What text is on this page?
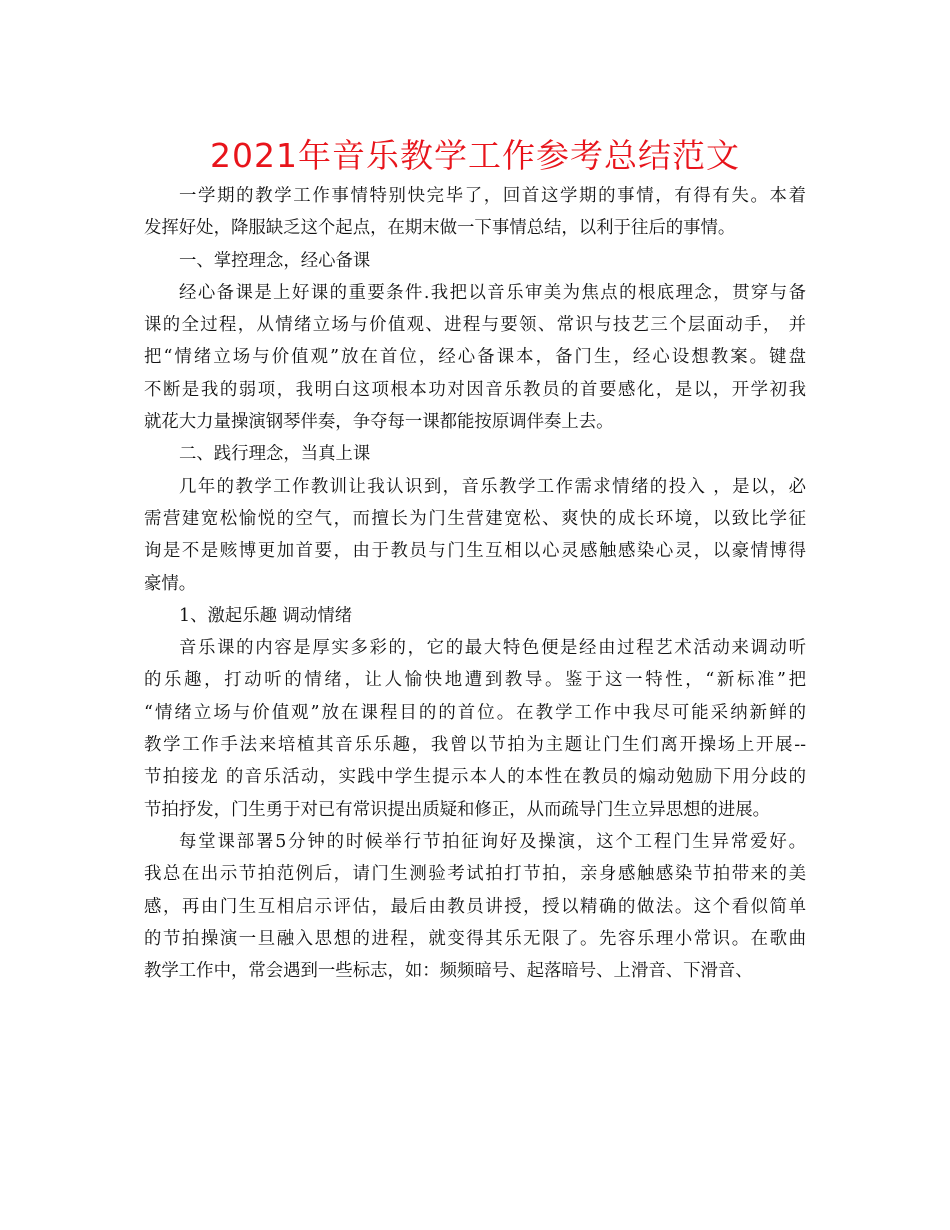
2021年音乐教学工作参考总结范文
一学期的教学工作事情特别快完毕了，回首这学期的事情，有得有失。本着
发挥好处，降服缺乏这个起点，在期末做一下事情总结，以利于往后的事情。
一、掌控理念，经心备课
经心备课是上好课的重要条件.我把以音乐审美为焦点的根底理念，贯穿与备
课的全过程，从情绪立场与价值观、进程与要领、常识与技艺三个层面动手， 并
把“情绪立场与价值观”放在首位，经心备课本，备门生，经心设想教案。键盘
不断是我的弱项，我明白这项根本功对因音乐教员的首要感化，是以，开学初我
就花大力量操演钢琴伴奏，争夺每一课都能按原调伴奏上去。
二、践行理念，当真上课
几年的教学工作教训让我认识到，音乐教学工作需求情绪的投入 ，是以，必
需营建宽松愉悦的空气，而擅长为门生营建宽松、爽快的成长环境，以致比学征
询是不是赅博更加首要，由于教员与门生互相以心灵感触感染心灵，以豪情博得
豪情。
1、激起乐趣 调动情绪
音乐课的内容是厚实多彩的，它的最大特色便是经由过程艺术活动来调动听
的乐趣，打动听的情绪，让人愉快地遭到教导。鉴于这一特性，“新标准”把
“情绪立场与价值观”放在课程目的的首位。在教学工作中我尽可能采纳新鲜的
教学工作手法来培植其音乐乐趣，我曾以节拍为主题让门生们离开操场上开展--
节拍接龙 的音乐活动，实践中学生提示本人的本性在教员的煽动勉励下用分歧的
节拍抒发，门生勇于对已有常识提出质疑和修正，从而疏导门生立异思想的进展。
每堂课部署5分钟的时候举行节拍征询好及操演，这个工程门生异常爱好。
我总在出示节拍范例后，请门生测验考试拍打节拍，亲身感触感染节拍带来的美
感，再由门生互相启示评估，最后由教员讲授，授以精确的做法。这个看似简单
的节拍操演一旦融入思想的进程，就变得其乐无限了。先容乐理小常识。在歌曲
教学工作中，常会遇到一些标志，如：频频暗号、起落暗号、上滑音、下滑音、
